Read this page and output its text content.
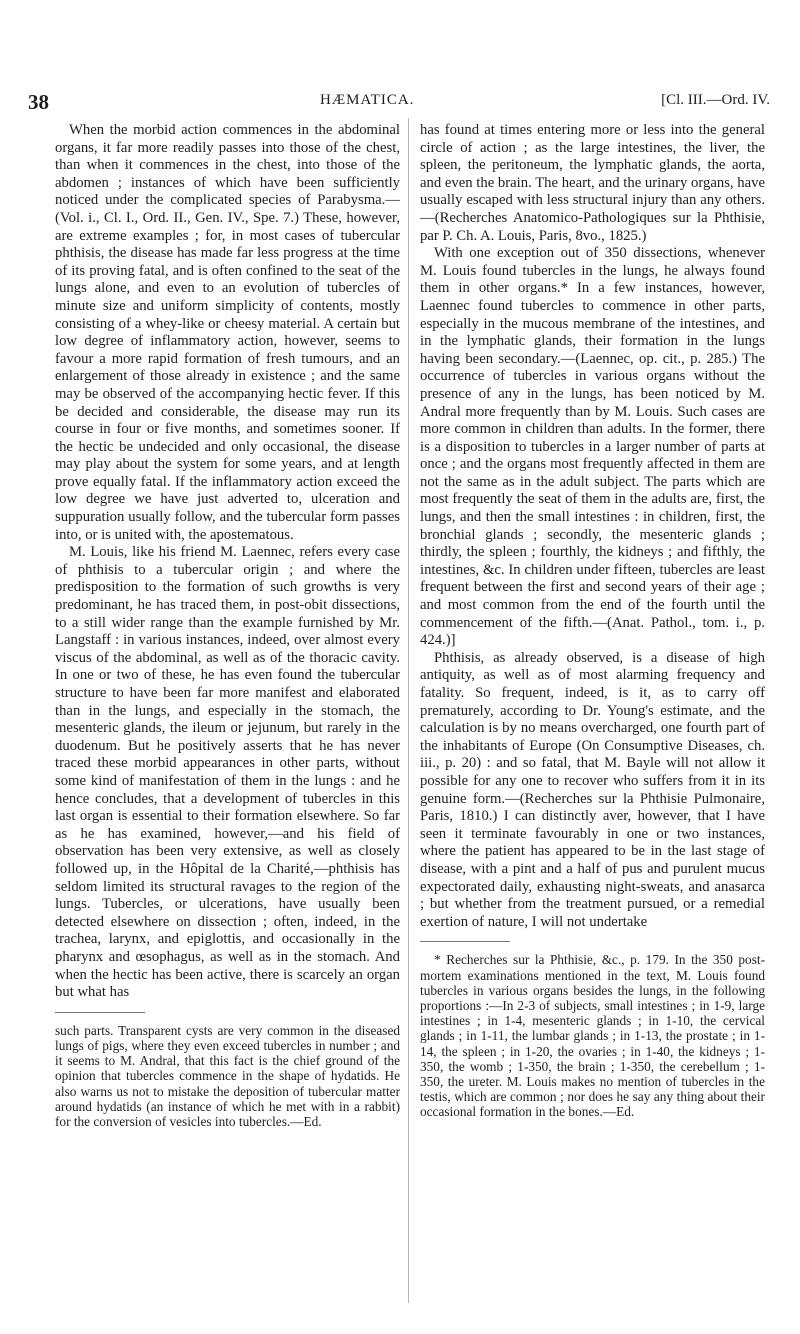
38	HÆMATICA.	[Cl. III.—Ord. IV.

When the morbid action commences in the abdominal organs, it far more readily passes into those of the chest, than when it commences in the chest, into those of the abdomen ; instances of which have been sufficiently noticed under the complicated species of Parabysma.—(Vol. i., Cl. I., Ord. II., Gen. IV., Spe. 7.) These, however, are extreme examples ; for, in most cases of tubercular phthisis, the disease has made far less progress at the time of its proving fatal, and is often confined to the seat of the lungs alone, and even to an evolution of tubercles of minute size and uniform simplicity of contents, mostly consisting of a whey-like or cheesy material. A certain but low degree of inflammatory action, however, seems to favour a more rapid formation of fresh tumours, and an enlargement of those already in existence ; and the same may be observed of the accompanying hectic fever. If this be decided and considerable, the disease may run its course in four or five months, and sometimes sooner. If the hectic be undecided and only occasional, the disease may play about the system for some years, and at length prove equally fatal. If the inflammatory action exceed the low degree we have just adverted to, ulceration and suppuration usually follow, and the tubercular form passes into, or is united with, the apostematous.

M. Louis, like his friend M. Laennec, refers every case of phthisis to a tubercular origin ; and where the predisposition to the formation of such growths is very predominant, he has traced them, in post-obit dissections, to a still wider range than the example furnished by Mr. Langstaff : in various instances, indeed, over almost every viscus of the abdominal, as well as of the thoracic cavity. In one or two of these, he has even found the tubercular structure to have been far more manifest and elaborated than in the lungs, and especially in the stomach, the mesenteric glands, the ileum or jejunum, but rarely in the duodenum. But he positively asserts that he has never traced these morbid appearances in other parts, without some kind of manifestation of them in the lungs : and he hence concludes, that a development of tubercles in this last organ is essential to their formation elsewhere. So far as he has examined, however,—and his field of observation has been very extensive, as well as closely followed up, in the Hôpital de la Charité,—phthisis has seldom limited its structural ravages to the region of the lungs. Tubercles, or ulcerations, have usually been detected elsewhere on dissection ; often, indeed, in the trachea, larynx, and epiglottis, and occasionally in the pharynx and œsophagus, as well as in the stomach. And when the hectic has been active, there is scarcely an organ but what has

such parts. Transparent cysts are very common in the diseased lungs of pigs, where they even exceed tubercles in number ; and it seems to M. Andral, that this fact is the chief ground of the opinion that tubercles commence in the shape of hydatids. He also warns us not to mistake the deposition of tubercular matter around hydatids (an instance of which he met with in a rabbit) for the conversion of vesicles into tubercles.—Ed.

has found at times entering more or less into the general circle of action ; as the large intestines, the liver, the spleen, the peritoneum, the lymphatic glands, the aorta, and even the brain. The heart, and the urinary organs, have usually escaped with less structural injury than any others.—(Recherches Anatomico-Pathologiques sur la Phthisie, par P. Ch. A. Louis, Paris, 8vo., 1825.)

With one exception out of 350 dissections, whenever M. Louis found tubercles in the lungs, he always found them in other organs.* In a few instances, however, Laennec found tubercles to commence in other parts, especially in the mucous membrane of the intestines, and in the lymphatic glands, their formation in the lungs having been secondary.—(Laennec, op. cit., p. 285.) The occurrence of tubercles in various organs without the presence of any in the lungs, has been noticed by M. Andral more frequently than by M. Louis. Such cases are more common in children than adults. In the former, there is a disposition to tubercles in a larger number of parts at once ; and the organs most frequently affected in them are not the same as in the adult subject. The parts which are most frequently the seat of them in the adults are, first, the lungs, and then the small intestines : in children, first, the bronchial glands ; secondly, the mesenteric glands ; thirdly, the spleen ; fourthly, the kidneys ; and fifthly, the intestines, &c. In children under fifteen, tubercles are least frequent between the first and second years of their age ; and most common from the end of the fourth until the commencement of the fifth.—(Anat. Pathol., tom. i., p. 424.)]

Phthisis, as already observed, is a disease of high antiquity, as well as of most alarming frequency and fatality. So frequent, indeed, is it, as to carry off prematurely, according to Dr. Young's estimate, and the calculation is by no means overcharged, one fourth part of the inhabitants of Europe (On Consumptive Diseases, ch. iii., p. 20) : and so fatal, that M. Bayle will not allow it possible for any one to recover who suffers from it in its genuine form.—(Recherches sur la Phthisie Pulmonaire, Paris, 1810.) I can distinctly aver, however, that I have seen it terminate favourably in one or two instances, where the patient has appeared to be in the last stage of disease, with a pint and a half of pus and purulent mucus expectorated daily, exhausting night-sweats, and anasarca ; but whether from the treatment pursued, or a remedial exertion of nature, I will not undertake

* Recherches sur la Phthisie, &c., p. 179. In the 350 post-mortem examinations mentioned in the text, M. Louis found tubercles in various organs besides the lungs, in the following proportions :—In 2-3 of subjects, small intestines ; in 1-9, large intestines ; in 1-4, mesenteric glands ; in 1-10, the cervical glands ; in 1-11, the lumbar glands ; in 1-13, the prostate ; in 1-14, the spleen ; in 1-20, the ovaries ; in 1-40, the kidneys ; 1-350, the womb ; 1-350, the brain ; 1-350, the cerebellum ; 1-350, the ureter. M. Louis makes no mention of tubercles in the testis, which are common ; nor does he say any thing about their occasional formation in the bones.—Ed.
